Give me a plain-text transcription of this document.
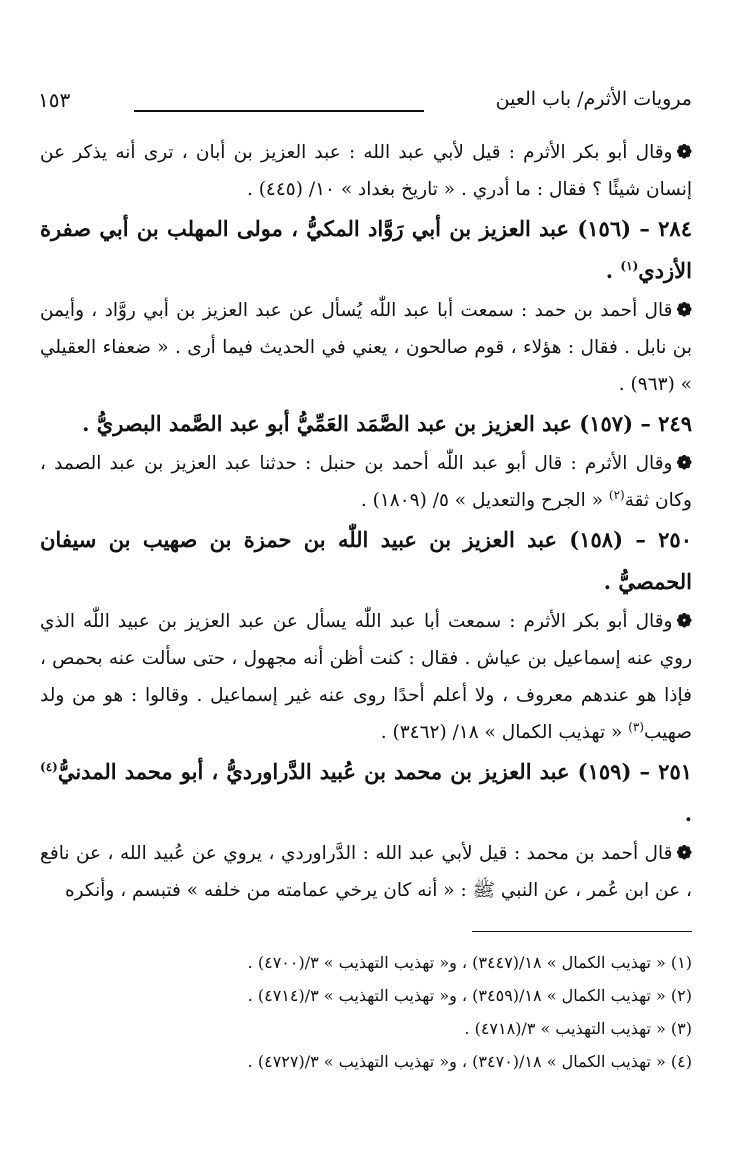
مرويات الأثرم/ باب العين
١٥٣

❁وقال أبو بكر الأثرم : قيل لأبي عبد الله : عبد العزيز بن أبان ، ترى أنه يذكر عن إنسان شيئًا ؟ فقال : ما أدري . « تاريخ بغداد » ١٠/ (٤٤٥) .

٢٨٤ – (١٥٦) عبد العزيز بن أبي رَوَّاد المكيُّ ، مولى المهلب بن أبي صفرة الأزدي$^{(١)}$ .

❁قال أحمد بن حمد : سمعت أبا عبد اللّٰه يُسأل عن عبد العزيز بن أبي روَّاد ، وأيمن بن نابل . فقال : هؤلاء ، قوم صالحون ، يعني في الحديث فيما أرى . « ضعفاء العقيلي » (٩٦٣) .

٢٤٩ – (١٥٧) عبد العزيز بن عبد الصَّمَد العَمِّيُّ أبو عبد الصَّمد البصريُّ .

❁وقال الأثرم : قال أبو عبد اللّٰه أحمد بن حنبل : حدثنا عبد العزيز بن عبد الصمد ، وكان ثقة$^{(٢)}$ « الجرح والتعديل » ٥/ (١٨٠٩) .

٢٥٠ – (١٥٨) عبد العزيز بن عبيد اللّٰه بن حمزة بن صهيب بن سيفان الحمصيُّ .

❁وقال أبو بكر الأثرم : سمعت أبا عبد اللّٰه يسأل عن عبد العزيز بن عبيد اللّٰه الذي روي عنه إسماعيل بن عياش . فقال : كنت أظن أنه مجهول ، حتى سألت عنه بحمص ، فإذا هو عندهم معروف ، ولا أعلم أحدًا روى عنه غير إسماعيل . وقالوا : هو من ولد صهيب$^{(٣)}$ « تهذيب الكمال » ١٨/ (٣٤٦٢) .

٢٥١ – (١٥٩) عبد العزيز بن محمد بن عُبيد الدَّراورديُّ ، أبو محمد المدنيُّ$^{(٤)}$ .

❁قال أحمد بن محمد : قيل لأبي عبد الله : الدَّراوردي ، يروي عن عُبيد الله ، عن نافع ، عن ابن عُمر ، عن النبي ﷺ : « أنه كان يرخي عمامته من خلفه » فتبسم ، وأنكره

(١) « تهذيب الكمال » ١٨/(٣٤٤٧) ، و« تهذيب التهذيب » ٣/(٤٧٠٠) .

(٢) « تهذيب الكمال » ١٨/(٣٤٥٩) ، و« تهذيب التهذيب » ٣/(٤٧١٤) .

(٣) « تهذيب التهذيب » ٣/(٤٧١٨) .

(٤) « تهذيب الكمال » ١٨/(٣٤٧٠) ، و« تهذيب التهذيب » ٣/(٤٧٢٧) .
